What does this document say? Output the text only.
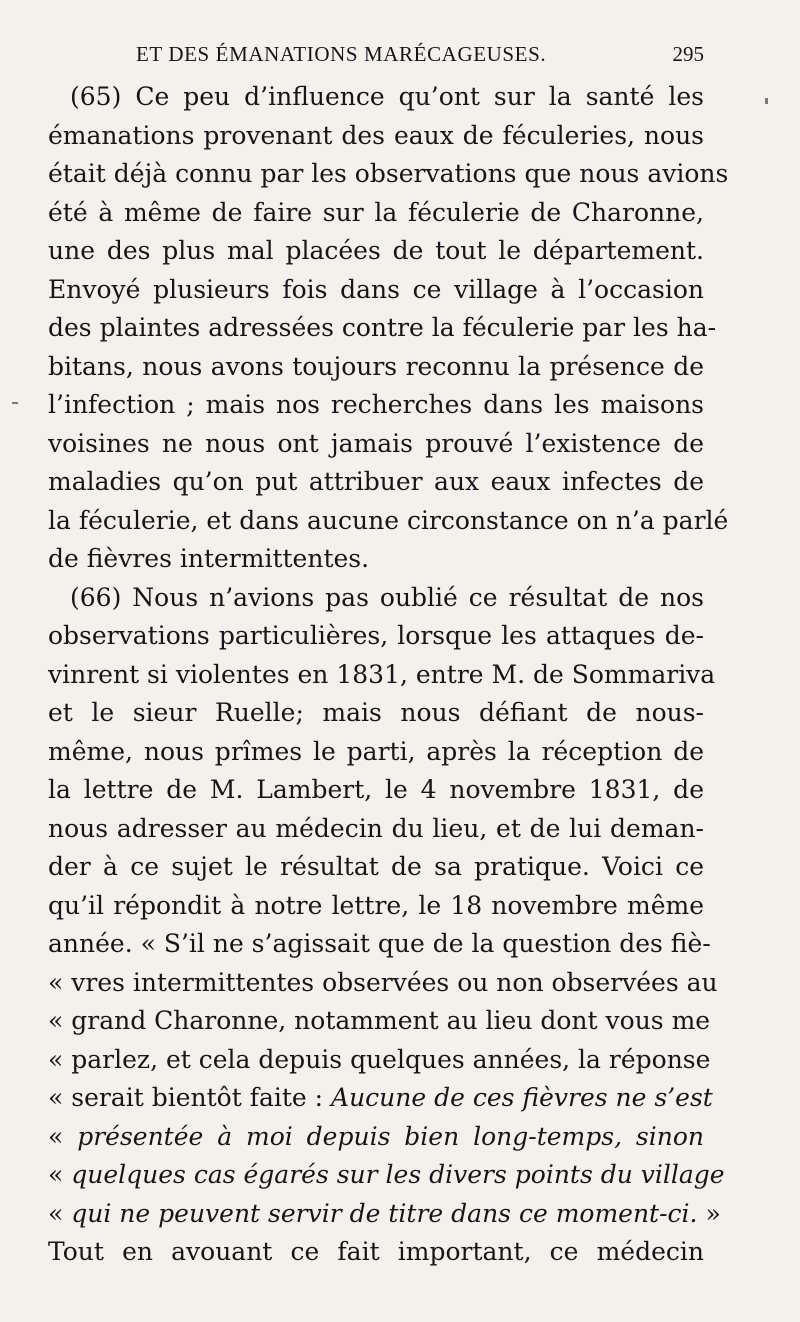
ET DES ÉMANATIONS MARÉCAGEUSES.	295
(65) Ce peu d’influence qu’ont sur la santé les
émanations provenant des eaux de féculeries, nous
était déjà connu par les observations que nous avions
été à même de faire sur la féculerie de Charonne,
une des plus mal placées de tout le département.
Envoyé plusieurs fois dans ce village à l’occasion
des plaintes adressées contre la féculerie par les ha-
bitans, nous avons toujours reconnu la présence de
l’infection ; mais nos recherches dans les maisons
voisines ne nous ont jamais prouvé l’existence de
maladies qu’on put attribuer aux eaux infectes de
la féculerie, et dans aucune circonstance on n’a parlé
de fièvres intermittentes.
(66) Nous n’avions pas oublié ce résultat de nos
observations particulières, lorsque les attaques de-
vinrent si violentes en 1831, entre M. de Sommariva
et le sieur Ruelle; mais nous défiant de nous-
même, nous prîmes le parti, après la réception de
la lettre de M. Lambert, le 4 novembre 1831, de
nous adresser au médecin du lieu, et de lui deman-
der à ce sujet le résultat de sa pratique. Voici ce
qu’il répondit à notre lettre, le 18 novembre même
année. « S’il ne s’agissait que de la question des fiè-
« vres intermittentes observées ou non observées au
« grand Charonne, notamment au lieu dont vous me
« parlez, et cela depuis quelques années, la réponse
« serait bientôt faite : Aucune de ces fièvres ne s’est
« présentée à moi depuis bien long-temps, sinon
« quelques cas égarés sur les divers points du village
« qui ne peuvent servir de titre dans ce moment-ci. »
Tout en avouant ce fait important, ce médecin
